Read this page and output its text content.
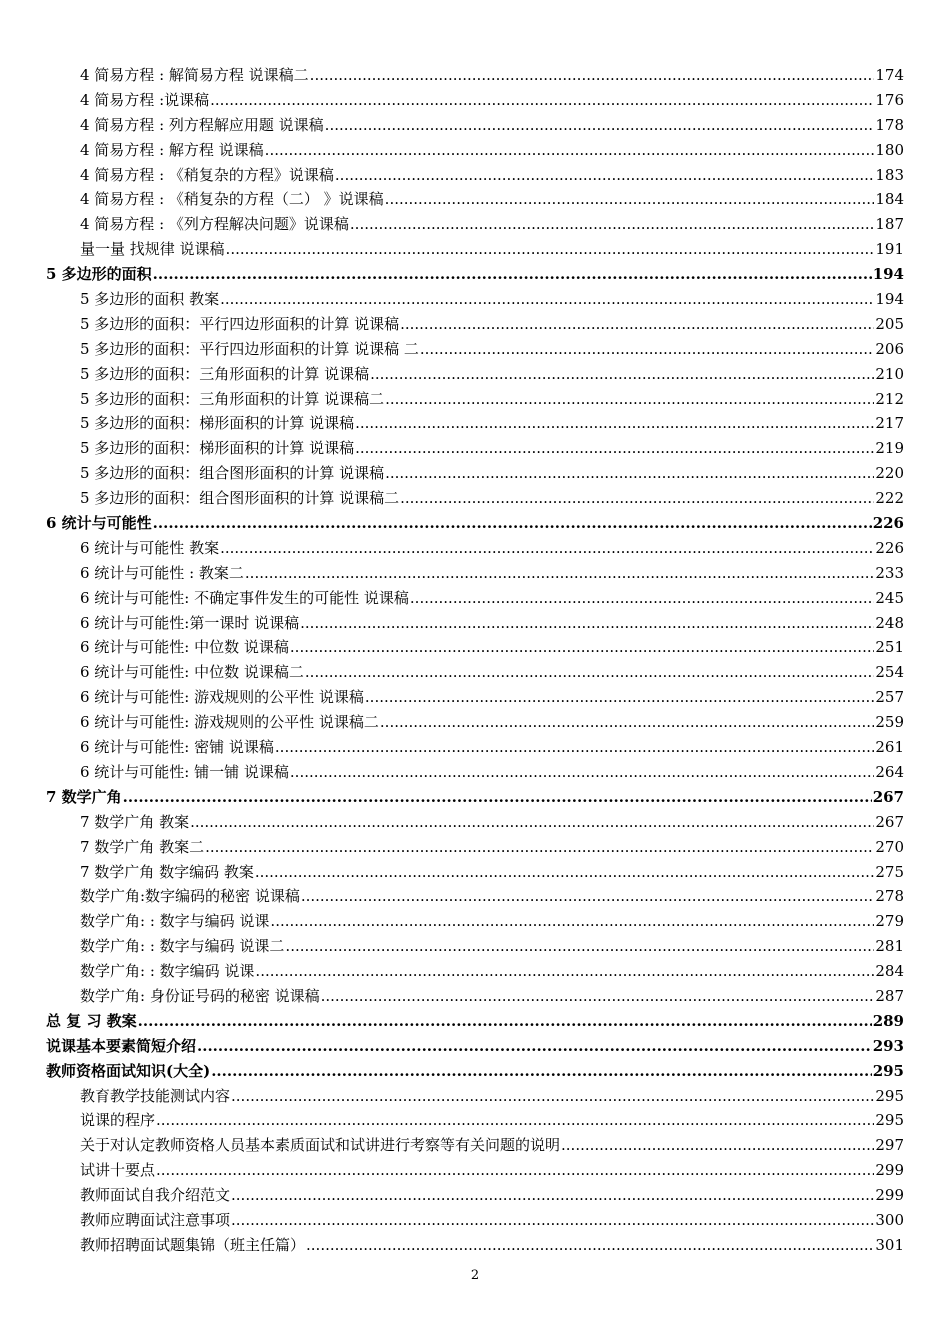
4 简易方程 : 解简易方程 说课稿二 .....	174
4 简易方程 :说课稿 .....	176
4 简易方程 : 列方程解应用题 说课稿 .....	178
4 简易方程 : 解方程 说课稿 .....	180
4 简易方程 : 《稍复杂的方程》说课稿 .....	183
4 简易方程 : 《稍复杂的方程（二） 》说课稿 .....	184
4 简易方程 : 《列方程解决问题》说课稿 .....	187
量一量 找规律 说课稿 .....	191
5 多边形的面积 .....	194
5 多边形的面积 教案 .....	194
5 多边形的面积：平行四边形面积的计算 说课稿 .....	205
5 多边形的面积：平行四边形面积的计算 说课稿 二 .....	206
5 多边形的面积：三角形面积的计算 说课稿 .....	210
5 多边形的面积：三角形面积的计算 说课稿二 .....	212
5 多边形的面积：梯形面积的计算 说课稿 .....	217
5 多边形的面积：梯形面积的计算 说课稿 .....	219
5 多边形的面积：组合图形面积的计算 说课稿 .....	220
5 多边形的面积：组合图形面积的计算 说课稿二 .....	222
6 统计与可能性 .....	226
6 统计与可能性 教案 .....	226
6 统计与可能性 : 教案二 .....	233
6 统计与可能性: 不确定事件发生的可能性 说课稿 .....	245
6 统计与可能性:第一课时 说课稿 .....	248
6 统计与可能性: 中位数 说课稿 .....	251
6 统计与可能性: 中位数 说课稿二 .....	254
6 统计与可能性: 游戏规则的公平性 说课稿 .....	257
6 统计与可能性: 游戏规则的公平性 说课稿二 .....	259
6 统计与可能性: 密铺 说课稿 .....	261
6 统计与可能性: 铺一铺 说课稿 .....	264
7 数学广角 .....	267
7 数学广角 教案 .....	267
7 数学广角 教案二 .....	270
7 数学广角 数字编码 教案 .....	275
数学广角:数字编码的秘密 说课稿 .....	278
数学广角: : 数字与编码 说课 .....	279
数学广角: : 数字与编码 说课二 .....	281
数学广角: : 数字编码 说课 .....	284
数学广角: 身份证号码的秘密 说课稿 .....	287
总 复 习 教案 .....	289
说课基本要素简短介绍 .....	293
教师资格面试知识(大全) .....	295
教育教学技能测试内容 .....	295
说课的程序 .....	295
关于对认定教师资格人员基本素质面试和试讲进行考察等有关问题的说明 .....	297
试讲十要点 .....	299
教师面试自我介绍范文 .....	299
教师应聘面试注意事项 .....	300
教师招聘面试题集锦（班主任篇） .....	301
2
